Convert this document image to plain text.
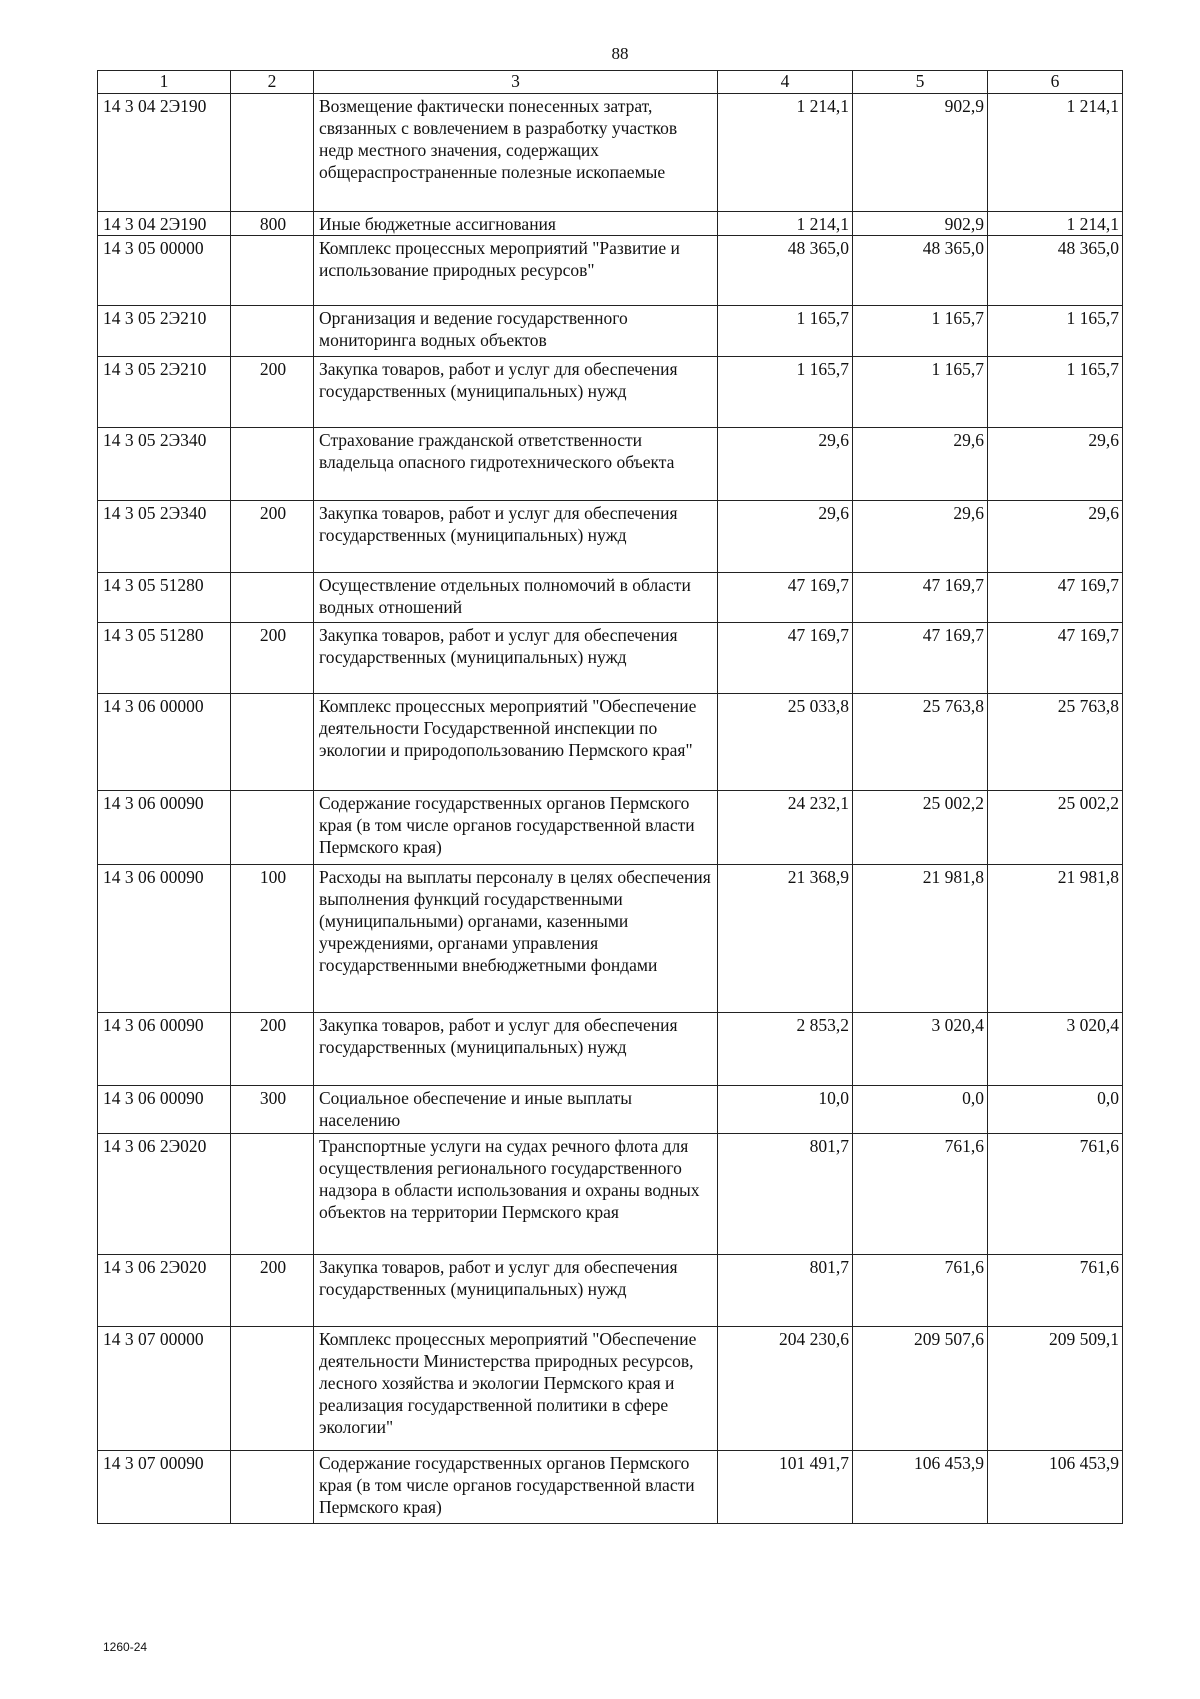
88
1	2	3	4	5	6
14 3 04 2Э190		Возмещение фактически понесенных затрат, связанных с вовлечением в разработку участков недр местного значения, содержащих общераспространенные полезные ископаемые	1 214,1	902,9	1 214,1
14 3 04 2Э190	800	Иные бюджетные ассигнования	1 214,1	902,9	1 214,1
14 3 05 00000		Комплекс процессных мероприятий "Развитие и использование природных ресурсов"	48 365,0	48 365,0	48 365,0
14 3 05 2Э210		Организация и ведение государственного мониторинга водных объектов	1 165,7	1 165,7	1 165,7
14 3 05 2Э210	200	Закупка товаров, работ и услуг для обеспечения государственных (муниципальных) нужд	1 165,7	1 165,7	1 165,7
14 3 05 2Э340		Страхование гражданской ответственности владельца опасного гидротехнического объекта	29,6	29,6	29,6
14 3 05 2Э340	200	Закупка товаров, работ и услуг для обеспечения государственных (муниципальных) нужд	29,6	29,6	29,6
14 3 05 51280		Осуществление отдельных полномочий в области водных отношений	47 169,7	47 169,7	47 169,7
14 3 05 51280	200	Закупка товаров, работ и услуг для обеспечения государственных (муниципальных) нужд	47 169,7	47 169,7	47 169,7
14 3 06 00000		Комплекс процессных мероприятий "Обеспечение деятельности Государственной инспекции по экологии и природопользованию Пермского края"	25 033,8	25 763,8	25 763,8
14 3 06 00090		Содержание государственных органов Пермского края (в том числе органов государственной власти Пермского края)	24 232,1	25 002,2	25 002,2
14 3 06 00090	100	Расходы на выплаты персоналу в целях обеспечения выполнения функций государственными (муниципальными) органами, казенными учреждениями, органами управления государственными внебюджетными фондами	21 368,9	21 981,8	21 981,8
14 3 06 00090	200	Закупка товаров, работ и услуг для обеспечения государственных (муниципальных) нужд	2 853,2	3 020,4	3 020,4
14 3 06 00090	300	Социальное обеспечение и иные выплаты населению	10,0	0,0	0,0
14 3 06 2Э020		Транспортные услуги на судах речного флота для осуществления регионального государственного надзора в области использования и охраны водных объектов на территории Пермского края	801,7	761,6	761,6
14 3 06 2Э020	200	Закупка товаров, работ и услуг для обеспечения государственных (муниципальных) нужд	801,7	761,6	761,6
14 3 07 00000		Комплекс процессных мероприятий "Обеспечение деятельности Министерства природных ресурсов, лесного хозяйства и экологии Пермского края и реализация государственной политики в сфере экологии"	204 230,6	209 507,6	209 509,1
14 3 07 00090		Содержание государственных органов Пермского края (в том числе органов государственной власти Пермского края)	101 491,7	106 453,9	106 453,9
1260-24
